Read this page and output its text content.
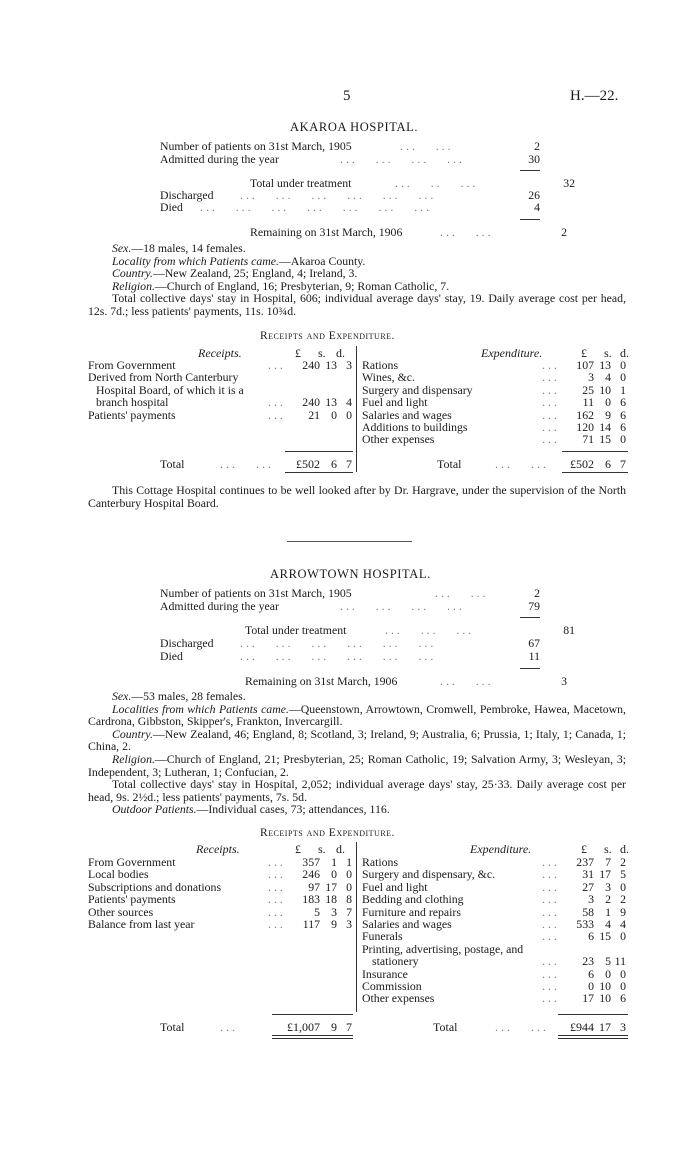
5	H.—22.
AKAROA HOSPITAL.
Number of patients on 31st March, 1905	...   ...	2
Admitted during the year	...   ...   ...   ...	30
Total under treatment	...   ..   ...	32
Discharged ...   ...   ...   ...   ...   ...	26
Died ...   ...   ...   ...   ...   ...   ...	4
Remaining on 31st March, 1906	...   ...	2

Sex.—18 males, 14 females.

Locality from which Patients came.—Akaroa County.

Country.—New Zealand, 25; England, 4; Ireland, 3.

Religion.—Church of England, 16; Presbyterian, 9; Roman Catholic, 7.

Total collective days' stay in Hospital, 606; individual average days' stay, 19. Daily average cost per head, 12s. 7d.; less patients' payments, 11s. 10¾d.

Receipts and Expenditure.
Receipts.	£ s. d.
From Government	...	240 13 3
Derived from North Canterbury
Hospital Board, of which it is a
branch hospital	...	240 13 4
Patients' payments	...	21 0 0
Expenditure.	£ s. d.
Rations	...	107 13 0
Wines, &c.	...	3 4 0
Surgery and dispensary	...	25 10 1
Fuel and light	...	11 0 6
Salaries and wages	...	162 9 6
Additions to buildings	...	120 14 6
Other expenses	...	71 15 0
Total	...   ...	£502 6 7	Total	...   ...	£502 6 7

This Cottage Hospital continues to be well looked after by Dr. Hargrave, under the supervision of the North Canterbury Hospital Board.

ARROWTOWN HOSPITAL.
Number of patients on 31st March, 1905	...   ...	2
Admitted during the year	...   ...   ...   ...	79
Total under treatment	...   ...   ...	81
Discharged ...   ...   ...   ...   ...   ...	67
Died	...   ...   ...   ...   ...   ...	11
Remaining on 31st March, 1906	...   ...	3

Sex.—53 males, 28 females.

Localities from which Patients came.—Queenstown, Arrowtown, Cromwell, Pembroke, Hawea, Macetown, Cardrona, Gibbston, Skipper's, Frankton, Invercargill.

Country.—New Zealand, 46; England, 8; Scotland, 3; Ireland, 9; Australia, 6; Prussia, 1; Italy, 1; Canada, 1; China, 2.

Religion.—Church of England, 21; Presbyterian, 25; Roman Catholic, 19; Salvation Army, 3; Wesleyan, 3; Independent, 3; Lutheran, 1; Confucian, 2.

Total collective days' stay in Hospital, 2,052; individual average days' stay, 25·33. Daily average cost per head, 9s. 2½d.; less patients' payments, 7s. 5d.

Outdoor Patients.—Individual cases, 73; attendances, 116.

Receipts and Expenditure.
Receipts.	£ s. d.
From Government	...	357 1 1
Local bodies	...	246 0 0
Subscriptions and donations	...	97 17 0
Patients' payments	...	183 18 8
Other sources	...	5 3 7
Balance from last year	...	117 9 3
Expenditure.	£ s. d.
Rations	...	237 7 2
Surgery and dispensary, &c.	...	31 17 5
Fuel and light	...	27 3 0
Bedding and clothing	...	3 2 2
Furniture and repairs	...	58 1 9
Salaries and wages	...	533 4 4
Funerals	...	6 15 0
Printing, advertising, postage, and
stationery	...	23 5 11
Insurance	...	6 0 0
Commission	...	0 10 0
Other expenses	...	17 10 6
Total	...	£1,007 9 7	Total	...   ...	£944 17 3
